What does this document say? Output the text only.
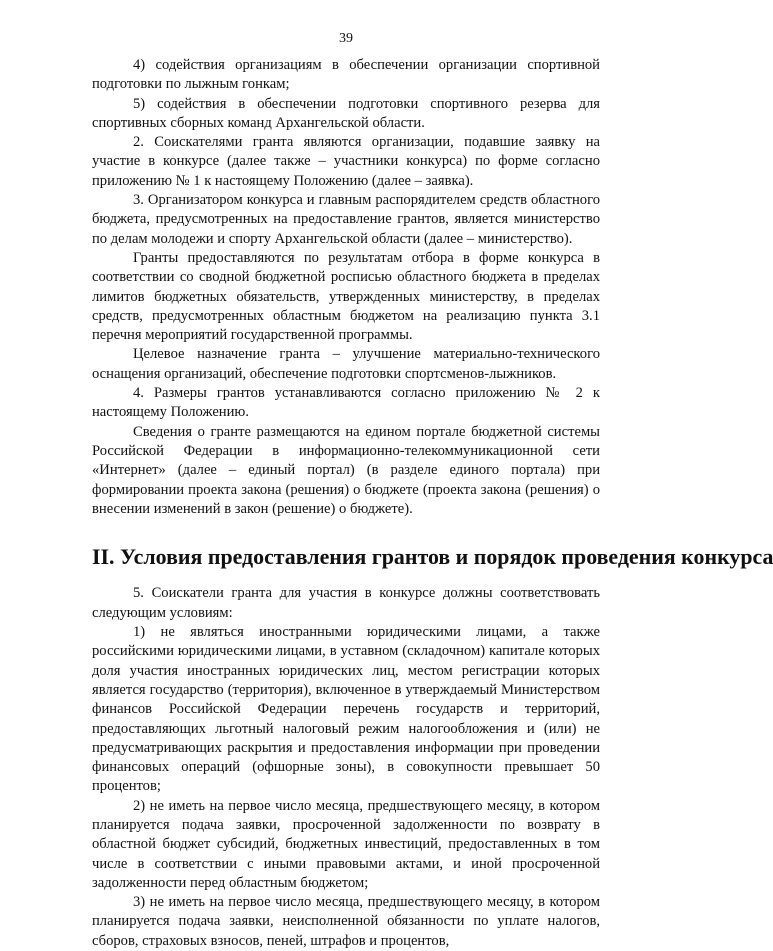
39

4) содействия организациям в обеспечении организации спортивной подготовки по лыжным гонкам;

5) содействия в обеспечении подготовки спортивного резерва для спортивных сборных команд Архангельской области.

2. Соискателями гранта являются организации, подавшие заявку на участие в конкурсе (далее также – участники конкурса) по форме согласно приложению № 1 к настоящему Положению (далее – заявка).

3. Организатором конкурса и главным распорядителем средств областного бюджета, предусмотренных на предоставление грантов, является министерство по делам молодежи и спорту Архангельской области (далее – министерство).

Гранты предоставляются по результатам отбора в форме конкурса в соответствии со сводной бюджетной росписью областного бюджета в пределах лимитов бюджетных обязательств, утвержденных министерству, в пределах средств, предусмотренных областным бюджетом на реализацию пункта 3.1 перечня мероприятий государственной программы.

Целевое назначение гранта – улучшение материально-технического оснащения организаций, обеспечение подготовки спортсменов-лыжников.

4. Размеры грантов устанавливаются согласно приложению № 2 к настоящему Положению.

Сведения о гранте размещаются на едином портале бюджетной системы Российской Федерации в информационно-телекоммуникационной сети «Интернет» (далее – единый портал) (в разделе единого портала) при формировании проекта закона (решения) о бюджете (проекта закона (решения) о внесении изменений в закон (решение) о бюджете).

II. Условия предоставления грантов и порядок проведения конкурса

5. Соискатели гранта для участия в конкурсе должны соответствовать следующим условиям:

1) не являться иностранными юридическими лицами, а также российскими юридическими лицами, в уставном (складочном) капитале которых доля участия иностранных юридических лиц, местом регистрации которых является государство (территория), включенное в утверждаемый Министерством финансов Российской Федерации перечень государств и территорий, предоставляющих льготный налоговый режим налогообложения и (или) не предусматривающих раскрытия и предоставления информации при проведении финансовых операций (офшорные зоны), в совокупности превышает 50 процентов;

2) не иметь на первое число месяца, предшествующего месяцу, в котором планируется подача заявки, просроченной задолженности по возврату в областной бюджет субсидий, бюджетных инвестиций, предоставленных в том числе в соответствии с иными правовыми актами, и иной просроченной задолженности перед областным бюджетом;

3) не иметь на первое число месяца, предшествующего месяцу, в котором планируется подача заявки, неисполненной обязанности по уплате налогов, сборов, страховых взносов, пеней, штрафов и процентов,
